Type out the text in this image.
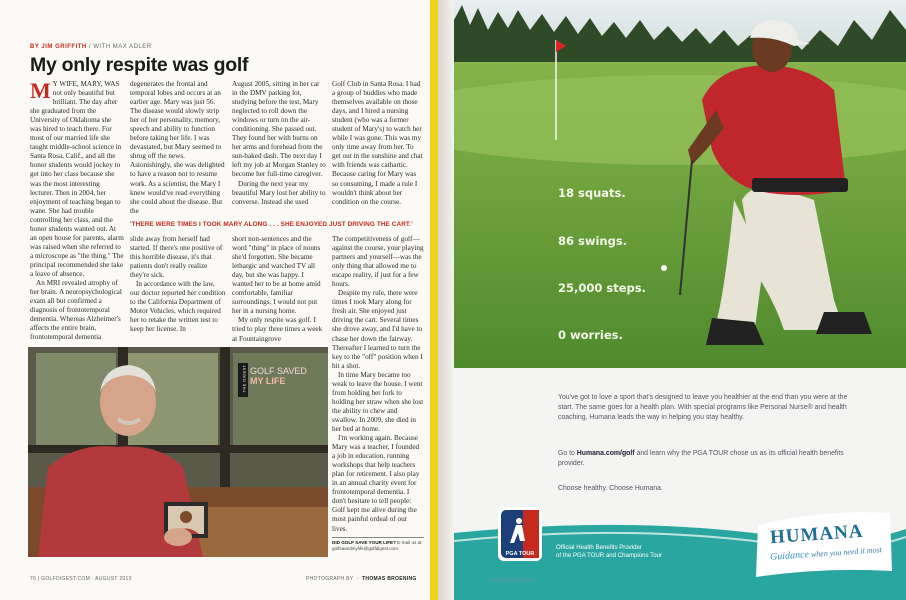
BY JIM GRIFFITH / WITH MAX ADLER
My only respite was golf

M Y WIFE, MARY, WAS not only beautiful but brilliant. The day after she graduated from the University of Oklahoma she was hired to teach there. For most of our married life she taught middle-school science in Santa Rosa, Calif., and all the honor students would jockey to get into her class because she was the most interesting lecturer. Then in 2004, her enjoyment of teaching began to wane. She had trouble controlling her class, and the honor students wanted out. At an open house for parents, alarm was raised when she referred to a microscope as "the thing." The principal recommended she take a leave of absence.

An MRI revealed atrophy of her brain. A neuropsychological exam all but confirmed a diagnosis of frontotemporal dementia. Whereas Alzheimer's affects the entire brain, frontotemporal dementia

degenerates the frontal and temporal lobes and occurs at an earlier age. Mary was just 56. The disease would slowly strip her of her personality, memory, speech and ability to function before taking her life. I was devastated, but Mary seemed to shrug off the news. Astonishingly, she was delighted to have a reason not to resume work. As a scientist, the Mary I knew would've read everything she could about the disease. But the

August 2005, sitting in her car in the DMV parking lot, studying before the test, Mary neglected to roll down the windows or turn on the air-conditioning. She passed out. They found her with burns on her arms and forehead from the sun-baked dash. The next day I left my job at Morgan Stanley to become her full-time caregiver.

During the next year my beautiful Mary lost her ability to converse. Instead she used

Golf Club in Santa Rosa. I had a group of buddies who made themselves available on those days, and I hired a nursing student (who was a former student of Mary's) to watch her while I was gone. This was my only time away from her. To get out in the sunshine and chat with friends was cathartic. Because caring for Mary was so consuming, I made a rule I wouldn't think about her condition on the course.

'THERE WERE TIMES I TOOK MARY ALONG . . . SHE ENJOYED JUST DRIVING THE CART.'

slide away from herself had started. If there's one positive of this horrible disease, it's that patients don't really realize they're sick.

In accordance with the law, our doctor reported her condition to the California Department of Motor Vehicles, which required her to retake the written test to keep her license. In

short non-sentences and the word "thing" in place of nouns she'd forgotten. She became lethargic and watched TV all day, but she was happy. I wanted her to be at home amid comfortable, familiar surroundings. I would not put her in a nursing home.

My only respite was golf. I tried to play three times a week at Fountaingrove

The competitiveness of golf—against the course, your playing partners and yourself—was the only thing that allowed me to escape reality, if just for a few hours.

Despite my rule, there were times I took Mary along for fresh air. She enjoyed just driving the cart. Several times she drove away, and I'd have to chase her down the fairway. Thereafter I learned to turn the key to the "off" position when I hit a shot.

In time Mary became too weak to leave the house. I went from holding her fork to holding her straw when she lost the ability to chew and swallow. In 2009, she died in her bed at home.

I'm working again. Because Mary was a teacher, I founded a job in education, running workshops that help teachers plan for retirement. I also play in an annual charity event for frontotemporal dementia. I don't hesitate to tell people: Golf kept me alive during the most painful ordeal of our lives.

THE DIGEST GOLF SAVED
MY LIFE
DID GOLF SAVE YOUR LIFE? E-mail us at golfsavedmylife@golfdigest.com
76 | GOLFDIGEST.COM · AUGUST 2013	PHOTOGRAPH BY  ·  THOMAS BROENING
18 squats.
86 swings.
25,000 steps.
0 worries.
You've got to love a sport that's designed to leave you healthier at the end than you were at the start. The same goes for a health plan. With special programs like Personal Nurse® and health coaching, Humana leads the way in helping you stay healthy.
Go to Humana.com/golf and learn why the PGA TOUR chose us as its official health benefits provider.
Choose healthy. Choose Humana.
PGA TOUR
Official Health Benefits Provider
of the PGA TOUR and Champions Tour
HUMANA
Guidance when you need it most
GCA09SRHH 2/10
